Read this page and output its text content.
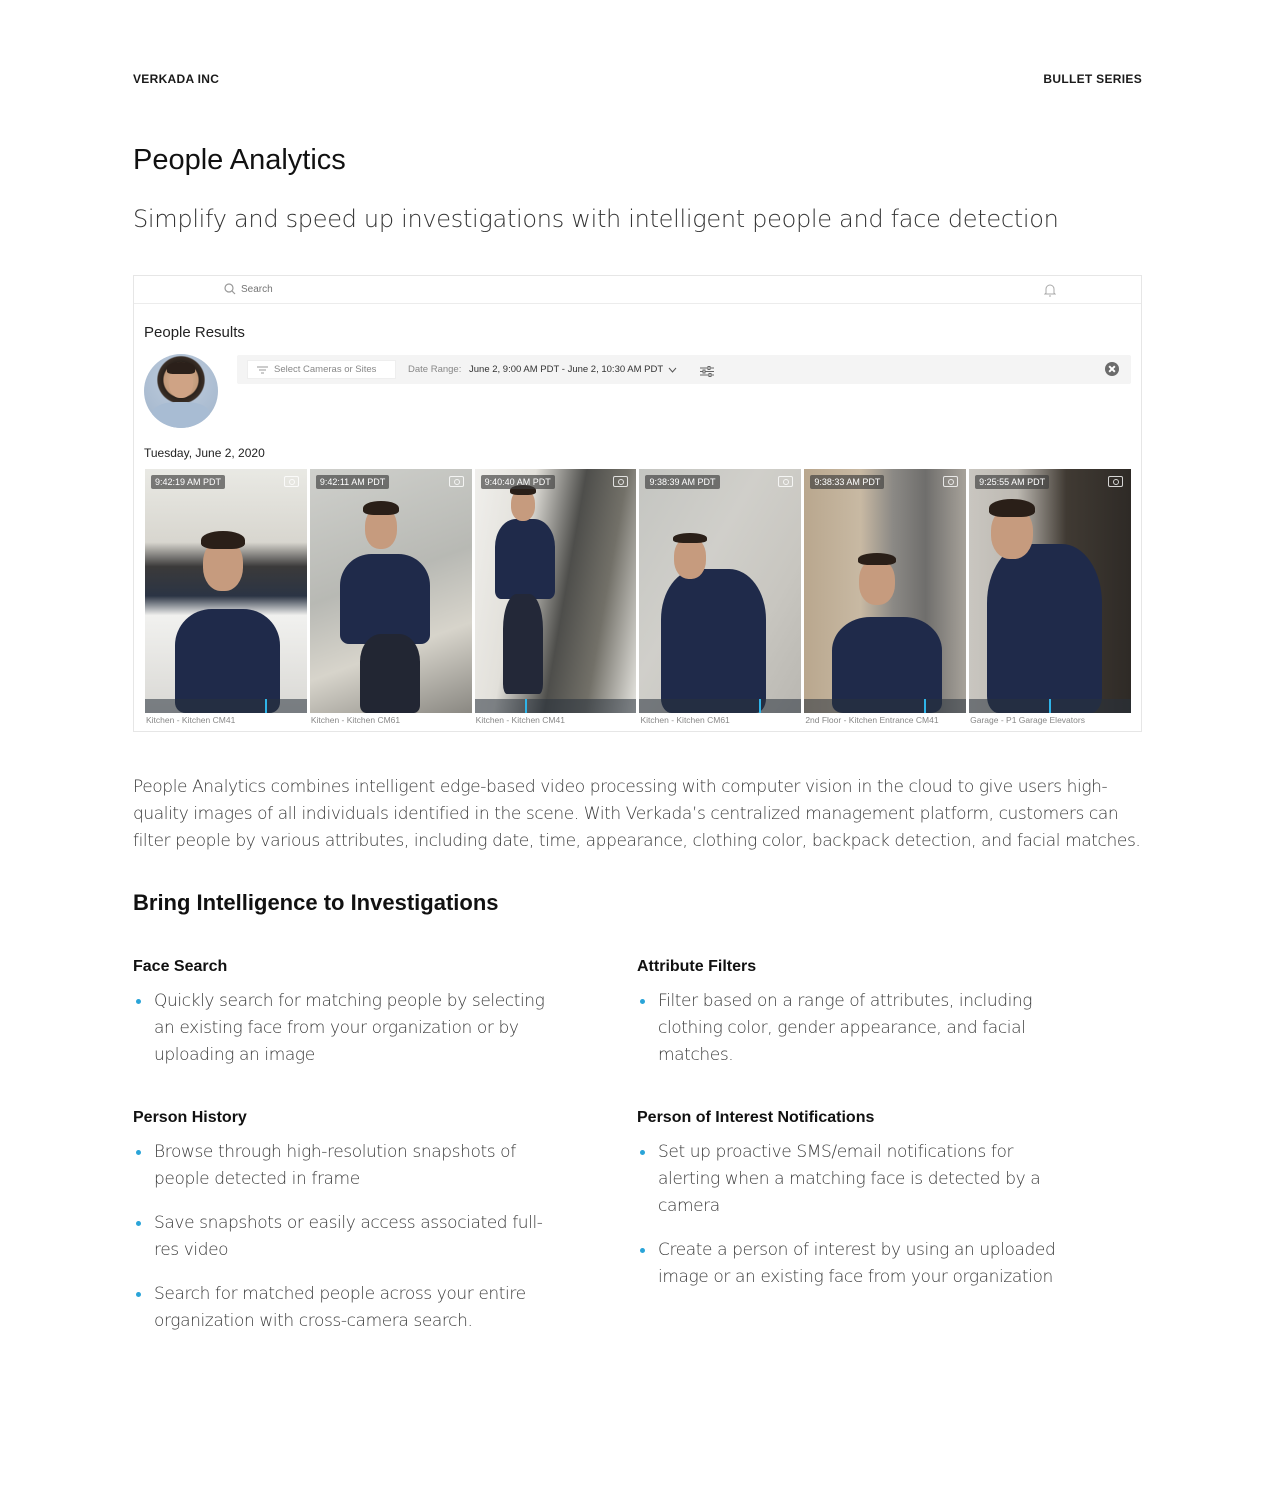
VERKADA INC	BULLET SERIES
People Analytics
Simplify and speed up investigations with intelligent people and face detection
Search
People Results
Select Cameras or Sites	Date Range: June 2, 9:00 AM PDT - June 2, 10:30 AM PDT
Tuesday, June 2, 2020
9:42:19 AM PDT	9:42:11 AM PDT	9:40:40 AM PDT	9:38:39 AM PDT	9:38:33 AM PDT	9:25:55 AM PDT
Kitchen - Kitchen CM41	Kitchen - Kitchen CM61	Kitchen - Kitchen CM41	Kitchen - Kitchen CM61	2nd Floor - Kitchen Entrance CM41	Garage - P1 Garage Elevators

People Analytics combines intelligent edge-based video processing with computer vision in the cloud to give users high-quality images of all individuals identified in the scene. With Verkada’s centralized management platform, customers can filter people by various attributes, including date, time, appearance, clothing color, backpack detection, and facial matches.

Bring Intelligence to Investigations
Face Search
Quickly search for matching people by selecting an existing face from your organization or by uploading an image
Attribute Filters
Filter based on a range of attributes, including clothing color, gender appearance, and facial matches.
Person History
Browse through high-resolution snapshots of people detected in frame
Save snapshots or easily access associated full-res video
Search for matched people across your entire organization with cross-camera search.
Person of Interest Notifications
Set up proactive SMS/email notifications for alerting when a matching face is detected by a camera
Create a person of interest by using an uploaded image or an existing face from your organization
